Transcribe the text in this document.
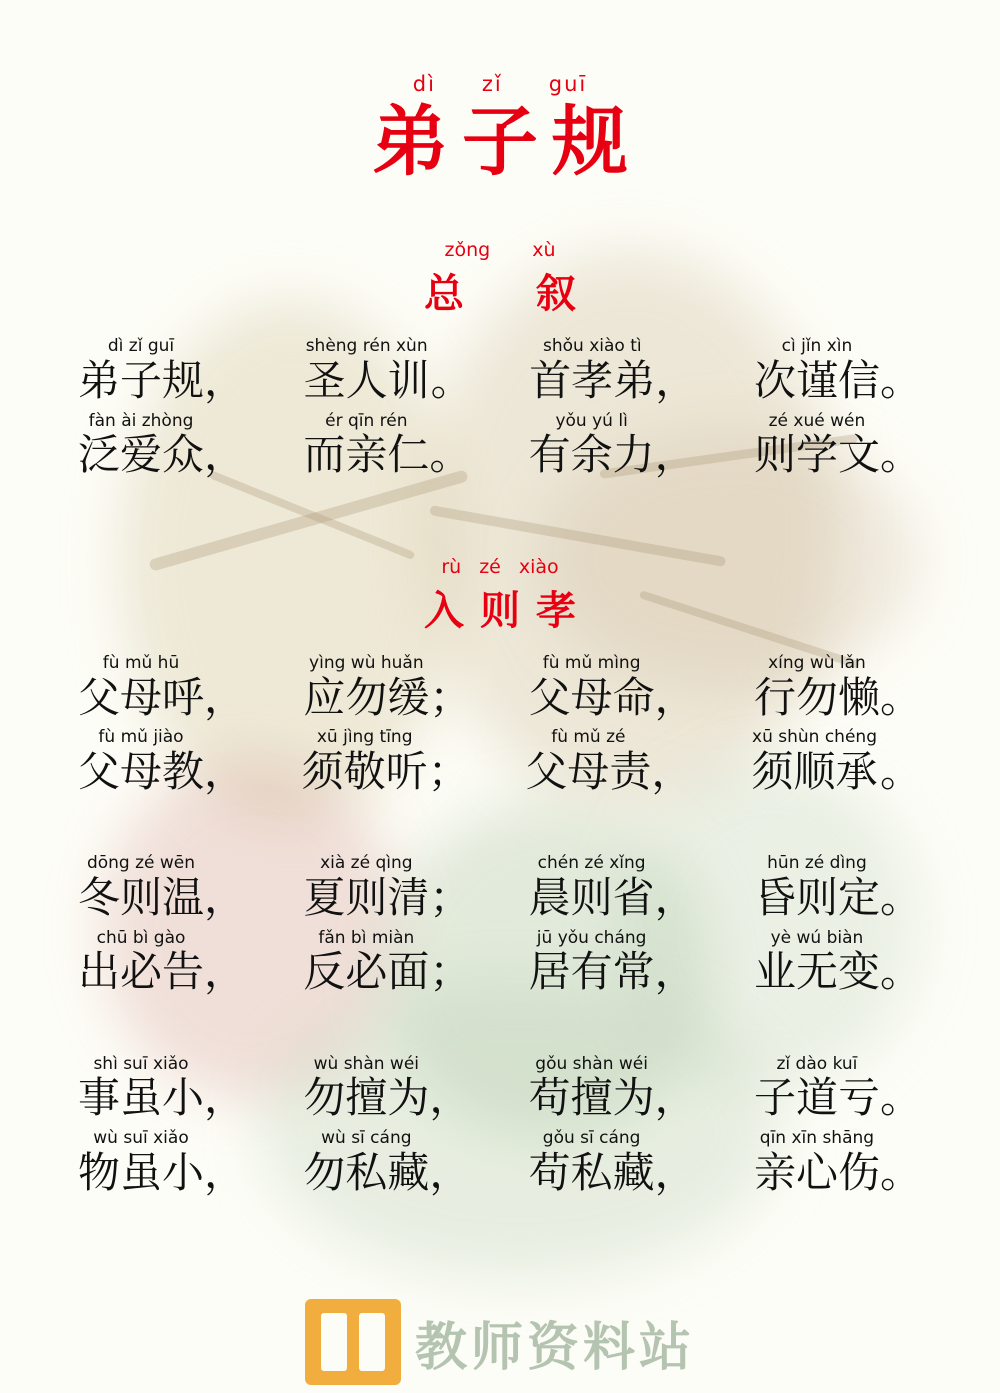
dì zǐ guī
弟子规
zǒng xù
总　叙
dì zǐ guī
弟子规 ，
shèng rén xùn
圣人训 。
shǒu xiào tì
首孝弟 ，
cì jǐn xìn
次谨信 。
fàn ài zhòng
泛爱众 ，
ér qīn rén
而亲仁 。
yǒu yú lì
有余力 ，
zé xué wén
则学文 。
rù zé xiào
入则孝
fù mǔ hū
父母呼 ，
yìng wù huǎn
应勿缓 ；
fù mǔ mìng
父母命 ，
xíng wù lǎn
行勿懒 。
fù mǔ jiào
父母教 ，
xū jìng tīng
须敬听 ；
fù mǔ zé
父母责 ，
xū shùn chéng
须顺承 。
dōng zé wēn
冬则温 ，
xià zé qìng
夏则清 ；
chén zé xǐng
晨则省 ，
hūn zé dìng
昏则定 。
chū bì gào
出必告 ，
fǎn bì miàn
反必面 ；
jū yǒu cháng
居有常 ，
yè wú biàn
业无变 。
shì suī xiǎo
事虽小 ，
wù shàn wéi
勿擅为 ，
gǒu shàn wéi
苟擅为 ，
zǐ dào kuī
子道亏 。
wù suī xiǎo
物虽小 ，
wù sī cáng
勿私藏 ，
gǒu sī cáng
苟私藏 ，
qīn xīn shāng
亲心伤 。
教师资料站
